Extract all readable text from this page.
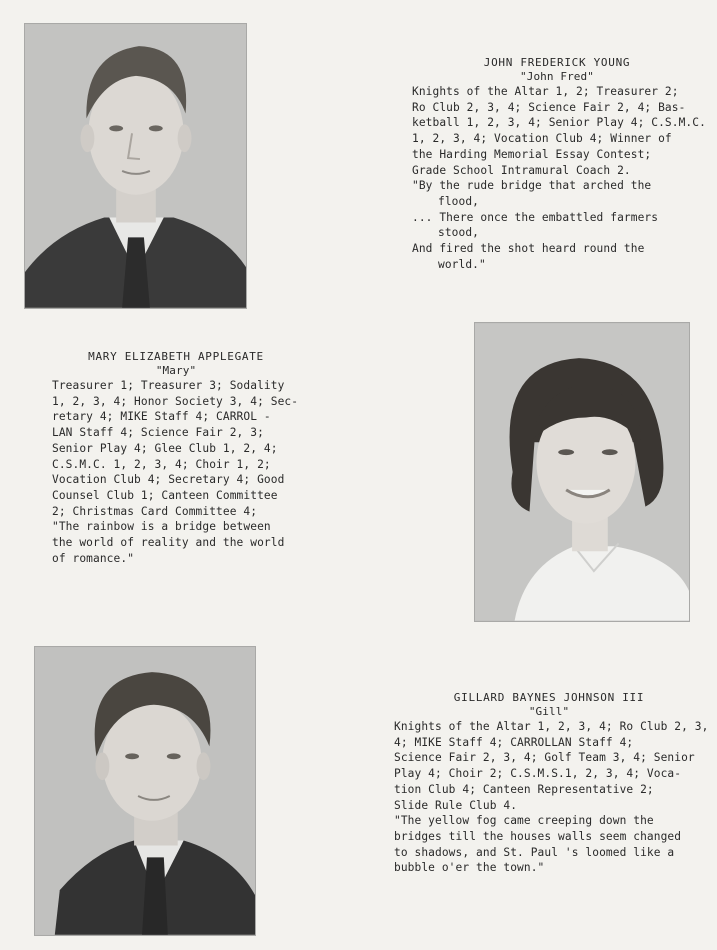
JOHN FREDERICK YOUNG
"John Fred"
Knights of the Altar 1, 2; Treasurer 2;
Ro Club 2, 3, 4; Science Fair 2, 4; Bas-
ketball 1, 2, 3, 4; Senior Play 4; C.S.M.C.
1, 2, 3, 4; Vocation Club 4; Winner of
the Harding Memorial Essay Contest;
Grade School Intramural Coach 2.
"By the rude bridge that arched the
flood,
... There once the embattled farmers
stood,
And fired the shot heard round the
world."
MARY ELIZABETH APPLEGATE
"Mary"
Treasurer 1; Treasurer 3; Sodality
1, 2, 3, 4; Honor Society 3, 4; Sec-
retary 4; MIKE Staff 4; CARROL -
LAN Staff 4; Science Fair 2, 3;
Senior Play 4; Glee Club 1, 2, 4;
C.S.M.C. 1, 2, 3, 4; Choir 1, 2;
Vocation Club 4; Secretary 4; Good
Counsel Club 1; Canteen Committee
2; Christmas Card Committee 4;
"The rainbow is a bridge between
the world of reality and the world
of romance."
GILLARD BAYNES JOHNSON III
"Gill"
Knights of the Altar 1, 2, 3, 4; Ro Club 2, 3,
4; MIKE Staff 4; CARROLLAN Staff 4;
Science Fair 2, 3, 4; Golf Team 3, 4; Senior
Play 4; Choir 2; C.S.M.S.1, 2, 3, 4; Voca-
tion Club 4; Canteen Representative 2;
Slide Rule Club 4.
"The yellow fog came creeping down the
bridges till the houses walls seem changed
to shadows, and St. Paul 's loomed like a
bubble o'er the town."
